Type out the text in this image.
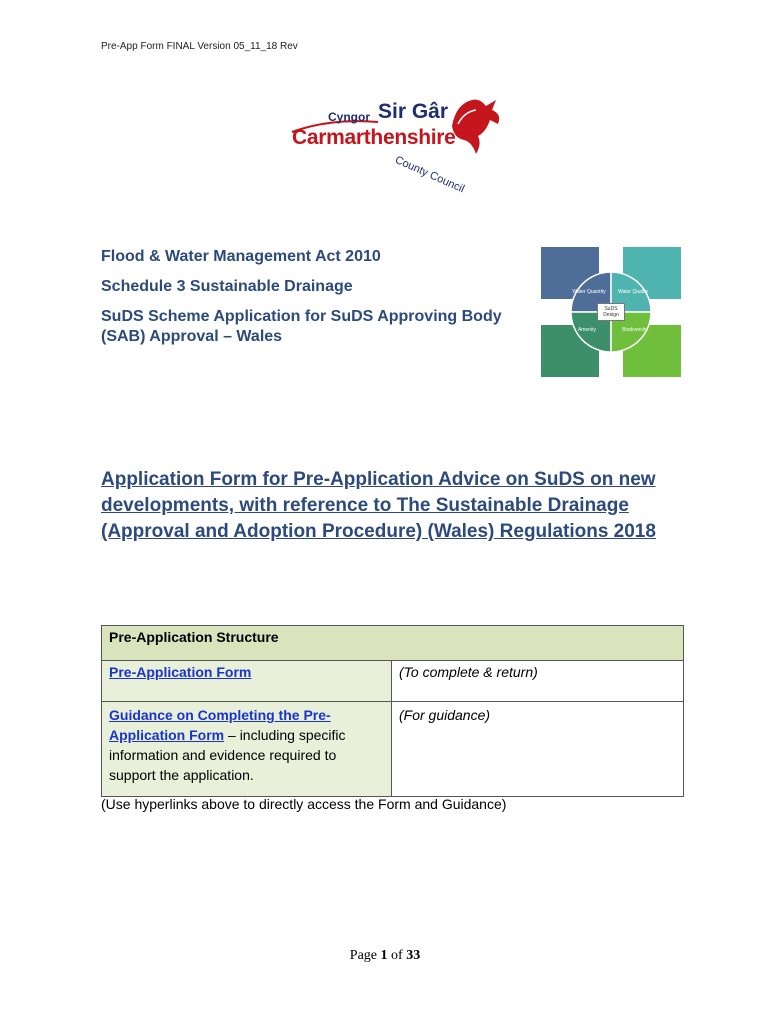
Pre-App Form FINAL Version 05_11_18 Rev
Cyngor Sir Gâr
Carmarthenshire
County Council
Flood & Water Management Act 2010
Schedule 3 Sustainable Drainage
SuDS Scheme Application for SuDS Approving Body (SAB) Approval – Wales
Water Quantity	Water Quality
Amenity	Biodiversity
SuDS Design
Application Form for Pre-Application Advice on SuDS on new developments, with reference to The Sustainable Drainage (Approval and Adoption Procedure) (Wales) Regulations 2018
Pre-Application Structure	
Pre-Application Form	(To complete & return)
Guidance on Completing the Pre-Application Form – including specific information and evidence required to support the application.	(For guidance)
(Use hyperlinks above to directly access the Form and Guidance)
Page 1 of 33
